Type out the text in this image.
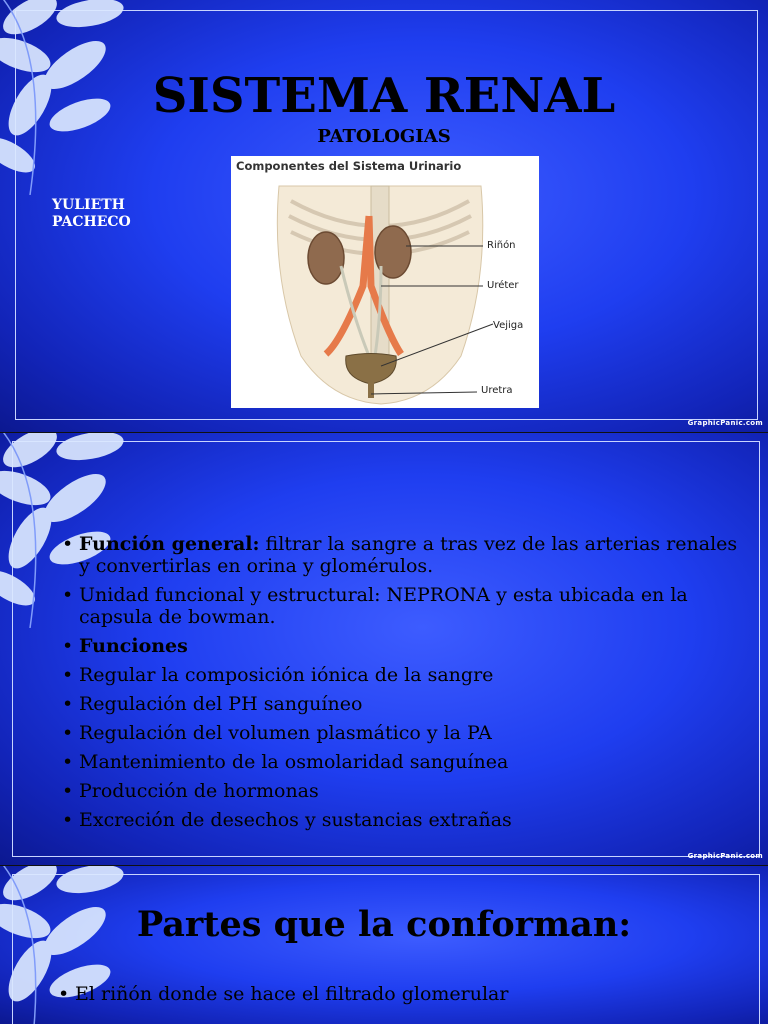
SISTEMA RENAL
PATOLOGIAS
YULIETH PACHECO
Componentes del Sistema Urinario
Riñón
Uréter
Vejiga
Uretra
GraphicPanic.com
• Función general: filtrar la sangre a tras vez de las arterias renales y convertirlas en orina y glomérulos.
• Unidad funcional y estructural: NEPRONA y esta ubicada en la capsula de bowman.
• Funciones
• Regular la composición iónica de la sangre
• Regulación del PH sanguíneo
• Regulación del volumen plasmático y la PA
• Mantenimiento de la osmolaridad sanguínea
• Producción de hormonas
• Excreción de desechos y sustancias extrañas
GraphicPanic.com
Partes que la conforman:
• El riñón donde se hace el filtrado glomerular
